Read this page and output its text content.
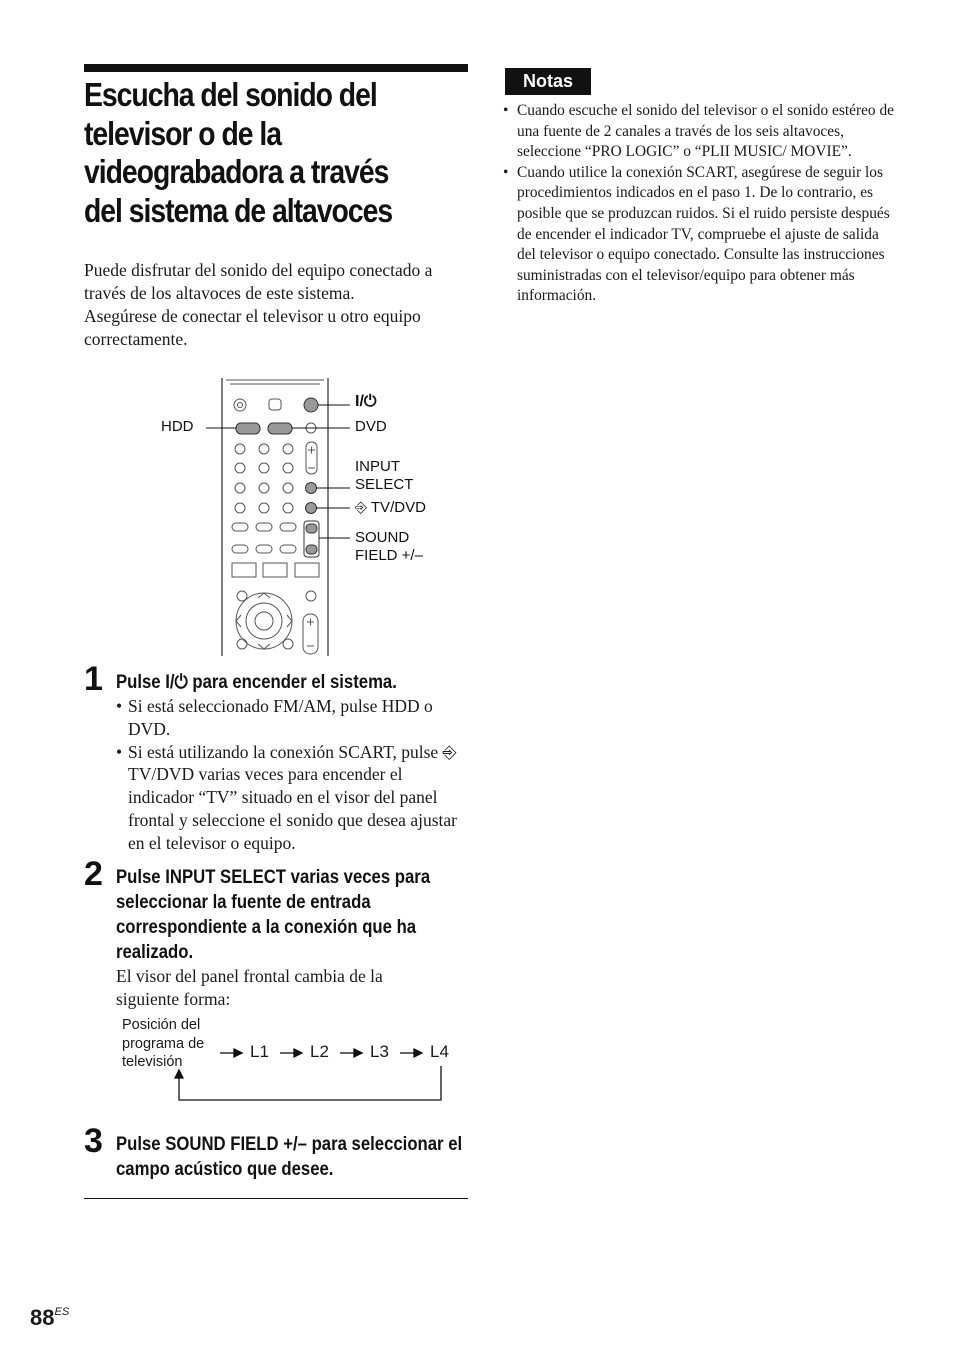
Escucha del sonido del televisor o de la videograbadora a través del sistema de altavoces

Puede disfrutar del sonido del equipo conectado a través de los altavoces de este sistema.

Asegúrese de conectar el televisor u otro equipo correctamente.

HDD
I/⏻
DVD
INPUT
SELECT
⎆ TV/DVD
SOUND
FIELD +/–
1 Pulse I/⏻ para encender el sistema.
• Si está seleccionado FM/AM, pulse HDD o DVD.
• Si está utilizando la conexión SCART, pulse ⎆ TV/DVD varias veces para encender el indicador “TV” situado en el visor del panel frontal y seleccione el sonido que desea ajustar en el televisor o equipo.
2 Pulse INPUT SELECT varias veces para seleccionar la fuente de entrada correspondiente a la conexión que ha realizado.
El visor del panel frontal cambia de la siguiente forma:
Posición del programa de televisión
L1 L2 L3 L4
3 Pulse SOUND FIELD +/– para seleccionar el campo acústico que desee.
Notas
• Cuando escuche el sonido del televisor o el sonido estéreo de una fuente de 2 canales a través de los seis altavoces, seleccione “PRO LOGIC” o “PLII MUSIC/ MOVIE”.
• Cuando utilice la conexión SCART, asegúrese de seguir los procedimientos indicados en el paso 1. De lo contrario, es posible que se produzcan ruidos. Si el ruido persiste después de encender el indicador TV, compruebe el ajuste de salida del televisor o equipo conectado. Consulte las instrucciones suministradas con el televisor/equipo para obtener más información.
$88^{ES}$
